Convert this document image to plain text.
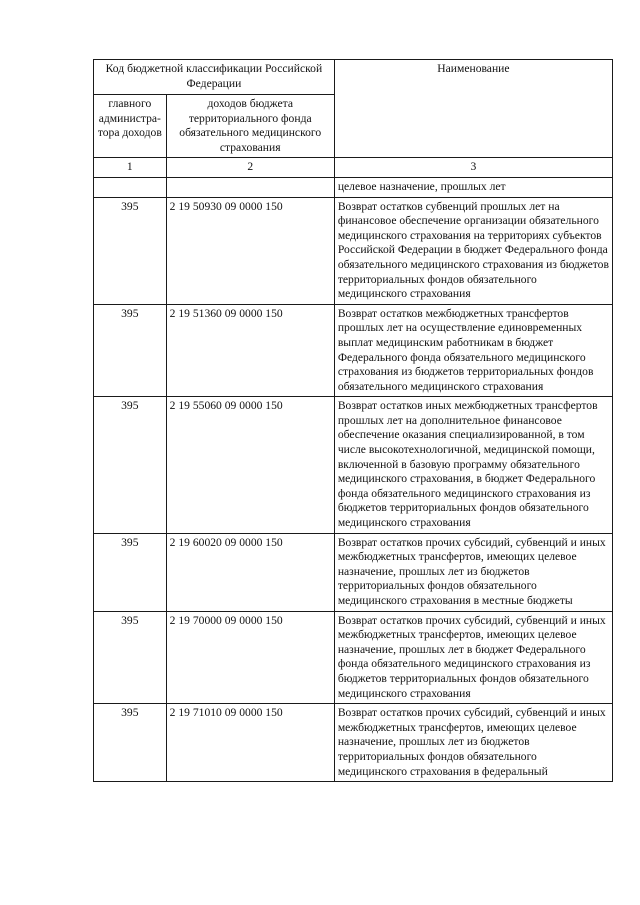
Код бюджетной классификации Российской Федерации		Наименование
главного администра-тора доходов	доходов бюджета территориального фонда обязательного медицинского страхования	
1	2	3
		целевое назначение, прошлых лет
395	2 19 50930 09 0000 150	Возврат остатков субвенций прошлых лет на финансовое обеспечение организации обязательного медицинского страхования на территориях субъектов Российской Федерации в бюджет Федерального фонда обязательного медицинского страхования из бюджетов территориальных фондов обязательного медицинского страхования
395	2 19 51360 09 0000 150	Возврат остатков межбюджетных трансфертов прошлых лет на осуществление единовременных выплат медицинским работникам в бюджет Федерального фонда обязательного медицинского страхования из бюджетов территориальных фондов обязательного медицинского страхования
395	2 19 55060 09 0000 150	Возврат остатков иных межбюджетных трансфертов прошлых лет на дополнительное финансовое обеспечение оказания специализированной, в том числе высокотехнологичной, медицинской помощи, включенной в базовую программу обязательного медицинского страхования, в бюджет Федерального фонда обязательного медицинского страхования из бюджетов территориальных фондов обязательного медицинского страхования
395	2 19 60020 09 0000 150	Возврат остатков прочих субсидий, субвенций и иных межбюджетных трансфертов, имеющих целевое назначение, прошлых лет из бюджетов территориальных фондов обязательного медицинского страхования в местные бюджеты
395	2 19 70000 09 0000 150	Возврат остатков прочих субсидий, субвенций и иных межбюджетных трансфертов, имеющих целевое назначение, прошлых лет в бюджет Федерального фонда обязательного медицинского страхования из бюджетов территориальных фондов обязательного медицинского страхования
395	2 19 71010 09 0000 150	Возврат остатков прочих субсидий, субвенций и иных межбюджетных трансфертов, имеющих целевое назначение, прошлых лет из бюджетов территориальных фондов обязательного медицинского страхования в федеральный
